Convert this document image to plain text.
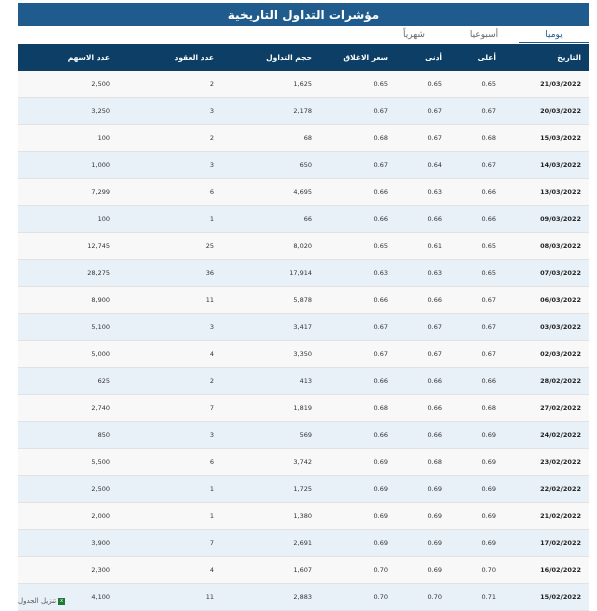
مؤشرات التداول التاريخية
يوميا
أسبوعيا
شهرياً
التاريخ	أعلى	أدنى	سعر الاغلاق	حجم التداول	عدد العقود	عدد الاسهم
21/03/2022	0.65	0.65	0.65	1,625	2	2,500
20/03/2022	0.67	0.67	0.67	2,178	3	3,250
15/03/2022	0.68	0.67	0.68	68	2	100
14/03/2022	0.67	0.64	0.67	650	3	1,000
13/03/2022	0.66	0.63	0.66	4,695	6	7,299
09/03/2022	0.66	0.66	0.66	66	1	100
08/03/2022	0.65	0.61	0.65	8,020	25	12,745
07/03/2022	0.65	0.63	0.63	17,914	36	28,275
06/03/2022	0.67	0.66	0.66	5,878	11	8,900
03/03/2022	0.67	0.67	0.67	3,417	3	5,100
02/03/2022	0.67	0.67	0.67	3,350	4	5,000
28/02/2022	0.66	0.66	0.66	413	2	625
27/02/2022	0.68	0.66	0.68	1,819	7	2,740
24/02/2022	0.69	0.66	0.66	569	3	850
23/02/2022	0.69	0.68	0.69	3,742	6	5,500
22/02/2022	0.69	0.69	0.69	1,725	1	2,500
21/02/2022	0.69	0.69	0.69	1,380	1	2,000
17/02/2022	0.69	0.69	0.69	2,691	7	3,900
16/02/2022	0.70	0.69	0.70	1,607	4	2,300
15/02/2022	0.71	0.70	0.70	2,883	11	4,100
x
تنزيل الجدول
